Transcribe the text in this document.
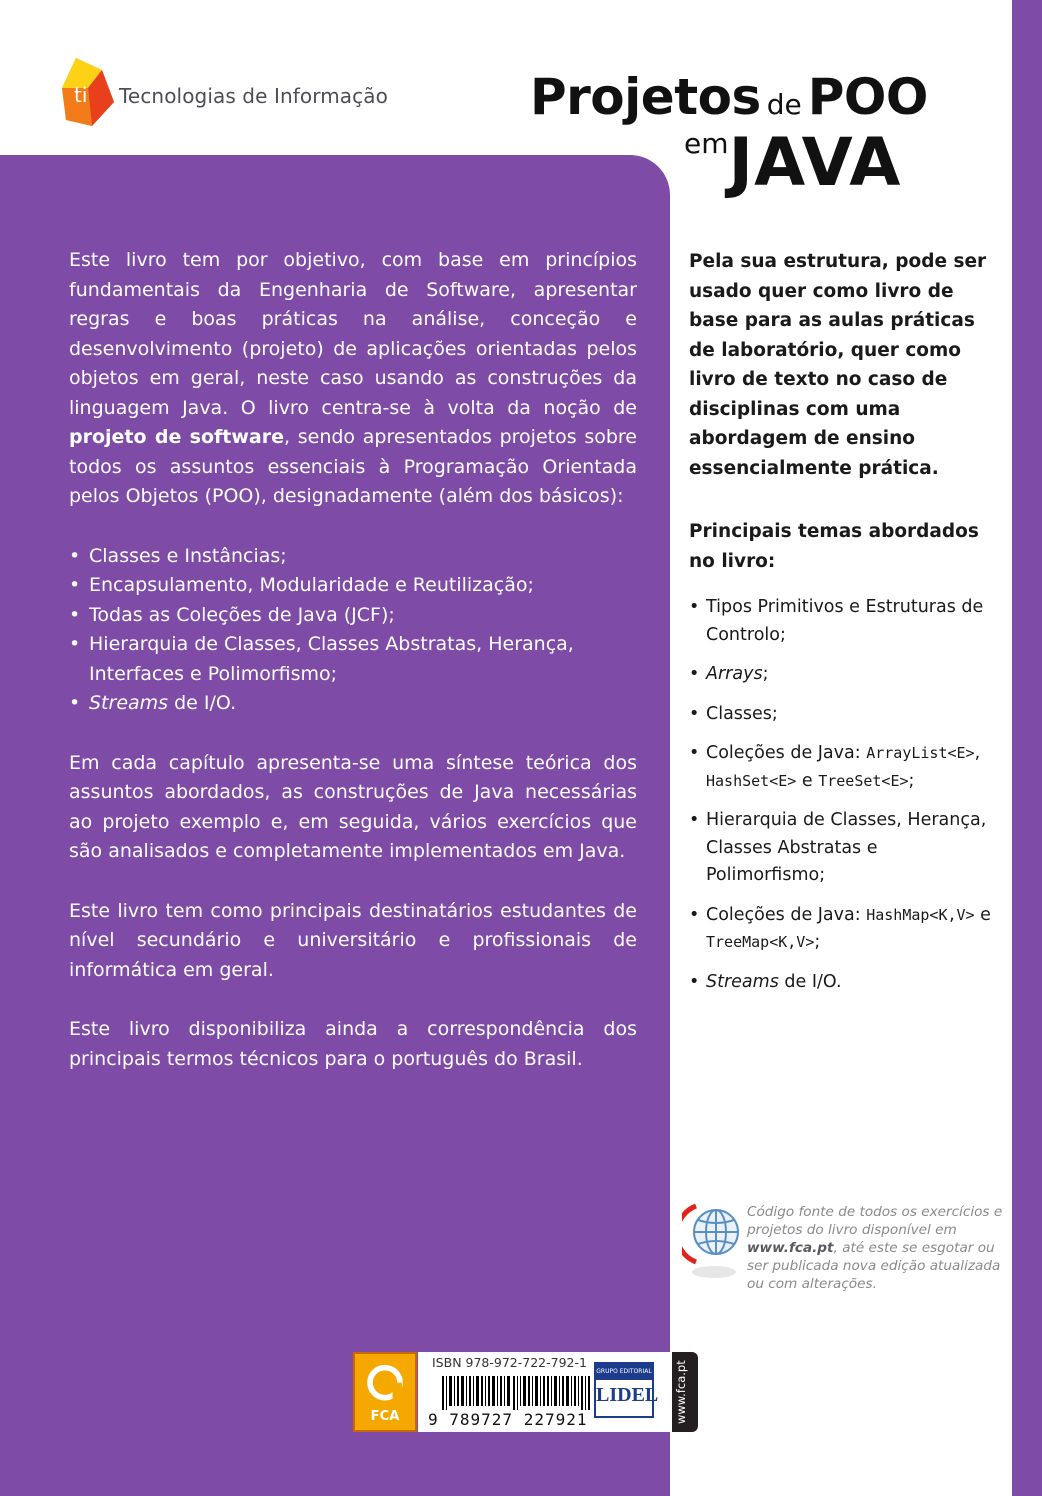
ti Tecnologias de Informação	Projetos de POO
emJAVA

Este livro tem por objetivo, com base em princípios fundamentais da Engenharia de Software, apresentar regras e boas práticas na análise, conceção e desenvolvimento (projeto) de aplicações orientadas pelos objetos em geral, neste caso usando as construções da linguagem Java. O livro centra-se à volta da noção de projeto de software, sendo apresentados projetos sobre todos os assuntos essenciais à Programação Orientada pelos Objetos (POO), designadamente (além dos básicos):

• Classes e Instâncias;
• Encapsulamento, Modularidade e Reutilização;
• Todas as Coleções de Java (JCF);
• Hierarquia de Classes, Classes Abstratas, Herança, Interfaces e Polimorfismo;
• Streams de I/O.

Em cada capítulo apresenta-se uma síntese teórica dos assuntos abordados, as construções de Java necessárias ao projeto exemplo e, em seguida, vários exercícios que são analisados e completamente implementados em Java.

Este livro tem como principais destinatários estudantes de nível secundário e universitário e profissionais de informática em geral.

Este livro disponibiliza ainda a correspondência dos principais termos técnicos para o português do Brasil.

Pela sua estrutura, pode ser usado quer como livro de base para as aulas práticas de laboratório, quer como livro de texto no caso de disciplinas com uma abordagem de ensino essencialmente prática.

Principais temas abordados no livro:

• Tipos Primitivos e Estruturas de Controlo;
• Arrays;
• Classes;
• Coleções de Java: ArrayList<E>, HashSet<E> e TreeSet<E>;
• Hierarquia de Classes, Herança, Classes Abstratas e Polimorfismo;
• Coleções de Java: HashMap<K,V> e TreeMap<K,V>;
• Streams de I/O.
Código fonte de todos os exercícios e projetos do livro disponível em www.fca.pt, até este se esgotar ou ser publicada nova edição atualizada ou com alterações.
FCA
ISBN 978-972-722-792-1
9 789727 227921
GRUPO EDITORIAL
LIDEL www.fca.pt
